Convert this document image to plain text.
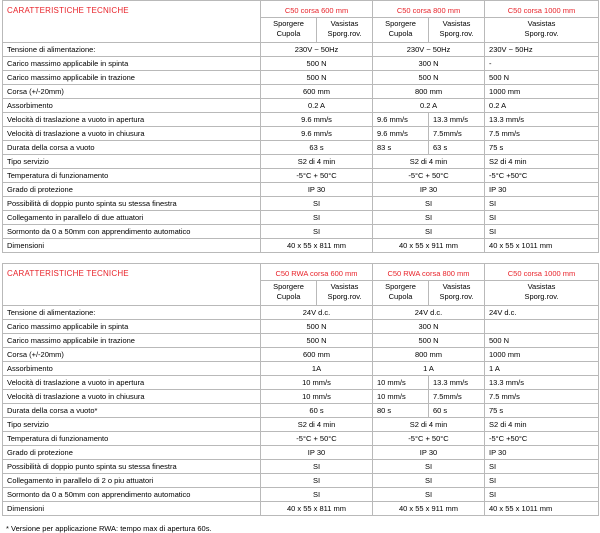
CARATTERISTICHE TECNICHE	C50 corsa 600 mm		C50 corsa 800 mm		C50 corsa 1000 mm
	Sporgere	Vasistas	Sporgere	Vasistas	Vasistas
	Cupola	Sporg.rov.	Cupola	Sporg.rov.	Sporg.rov.
Tensione di alimentazione:	230V ~ 50Hz		230V ~ 50Hz		230V ~ 50Hz
Carico massimo applicabile in spinta	500 N		300 N		-
Carico massimo applicabile in trazione	500 N		500 N		500 N
Corsa (+/-20mm)	600 mm		800 mm		1000 mm
Assorbimento	0.2 A		0.2 A		0.2 A
Velocità di traslazione a vuoto in apertura	9.6 mm/s		9.6 mm/s	13.3 mm/s	13.3 mm/s
Velocità di traslazione a vuoto in chiusura	9.6 mm/s		9.6 mm/s	7.5mm/s	7.5 mm/s
Durata della corsa a vuoto	63 s		83 s	63 s	75 s
Tipo servizio	S2 di 4 min		S2 di 4 min		S2 di 4 min
Temperatura di funzionamento	-5°C + 50°C		-5°C + 50°C		-5°C +50°C
Grado di protezione	IP 30		IP 30		IP 30
Possibilità di doppio punto spinta su stessa finestra	SI		SI		SI
Collegamento in parallelo di due attuatori	SI		SI		SI
Sormonto da 0 a 50mm con apprendimento automatico	SI		SI		SI
Dimensioni	40 x 55 x 811 mm		40 x 55 x 911 mm		40 x 55 x 1011 mm
CARATTERISTICHE TECNICHE	C50 RWA corsa 600 mm		C50 RWA corsa 800 mm		C50 corsa 1000 mm
	Sporgere	Vasistas	Sporgere	Vasistas	Vasistas
	Cupola	Sporg.rov.	Cupola	Sporg.rov.	Sporg.rov.
Tensione di alimentazione:	24V d.c.		24V d.c.		24V d.c.
Carico massimo applicabile in spinta	500 N		300 N		
Carico massimo applicabile in trazione	500 N		500 N		500 N
Corsa (+/-20mm)	600 mm		800 mm		1000 mm
Assorbimento	1A		1 A		1 A
Velocità di traslazione a vuoto in apertura	10 mm/s		10 mm/s	13.3 mm/s	13.3 mm/s
Velocità di traslazione a vuoto in chiusura	10 mm/s		10 mm/s	7.5mm/s	7.5 mm/s
Durata della corsa a vuoto*	60 s		80 s	60 s	75 s
Tipo servizio	S2 di 4 min		S2 di 4 min		S2 di 4 min
Temperatura di funzionamento	-5°C + 50°C		-5°C + 50°C		-5°C +50°C
Grado di protezione	IP 30		IP 30		IP 30
Possibilità di doppio punto spinta su stessa finestra	SI		SI		SI
Collegamento in parallelo di 2 o piu attuatori	SI		SI		SI
Sormonto da 0 a 50mm con apprendimento automatico	SI		SI		SI
Dimensioni	40 x 55 x 811 mm		40 x 55 x 911 mm		40 x 55 x 1011 mm
* Versione per applicazione RWA: tempo max di apertura 60s.
